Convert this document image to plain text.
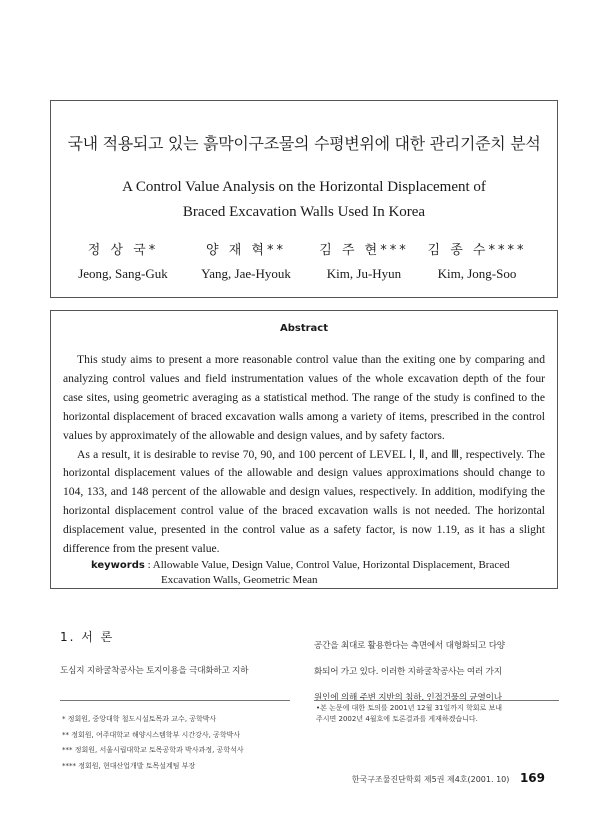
국내 적용되고 있는 흙막이구조물의 수평변위에 대한 관리기준치 분석
A Control Value Analysis on the Horizontal Displacement of
Braced Excavation Walls Used In Korea
정 상 국*
Jeong, Sang-Guk
양 재 혁**
Yang, Jae-Hyouk
김 주 현***
Kim, Ju-Hyun
김 종 수****
Kim, Jong-Soo
Abstract

This study aims to present a more reasonable control value than the exiting one by comparing and analyzing control values and field instrumentation values of the whole excavation depth of the four case sites, using geometric averaging as a statistical method. The range of the study is confined to the horizontal displacement of braced excavation walls among a variety of items, prescribed in the control values by approximately of the allowable and design values, and by safety factors.

As a result, it is desirable to revise 70, 90, and 100 percent of LEVEL Ⅰ, Ⅱ, and Ⅲ, respectively. The horizontal displacement values of the allowable and design values approximations should change to 104, 133, and 148 percent of the allowable and design values, respectively. In addition, modifying the horizontal displacement control value of the braced excavation walls is not needed. The horizontal displacement value, presented in the control value as a safety factor, is now 1.19, as it has a slight difference from the present value.

keywords : Allowable Value, Design Value, Control Value, Horizontal Displacement, Braced
Excavation Walls, Geometric Mean
1. 서 론
도심지 지하굴착공사는 토지이용을 극대화하고 지하
공간을 최대로 활용한다는 측면에서 대형화되고 다양
화되어 가고 있다. 이러한 지하굴착공사는 여러 가지
원인에 의해 주변 지반의 침하, 인접건물의 균열이나
* 정회원, 중앙대학 철도시설토목과 교수, 공학박사
** 정회원, 여주대학교 해양시스템학부 시간강사, 공학박사
*** 정회원, 서울시립대학교 토목공학과 박사과정, 공학석사
**** 정회원, 현대산업개발 토목설계팀 부장
•본 논문에 대한 토의를 2001년 12월 31일까지 학회로 보내
주시면 2002년 4월호에 토론결과를 게재하겠습니다.
한국구조물진단학회 제5권 제4호(2001. 10) 169
